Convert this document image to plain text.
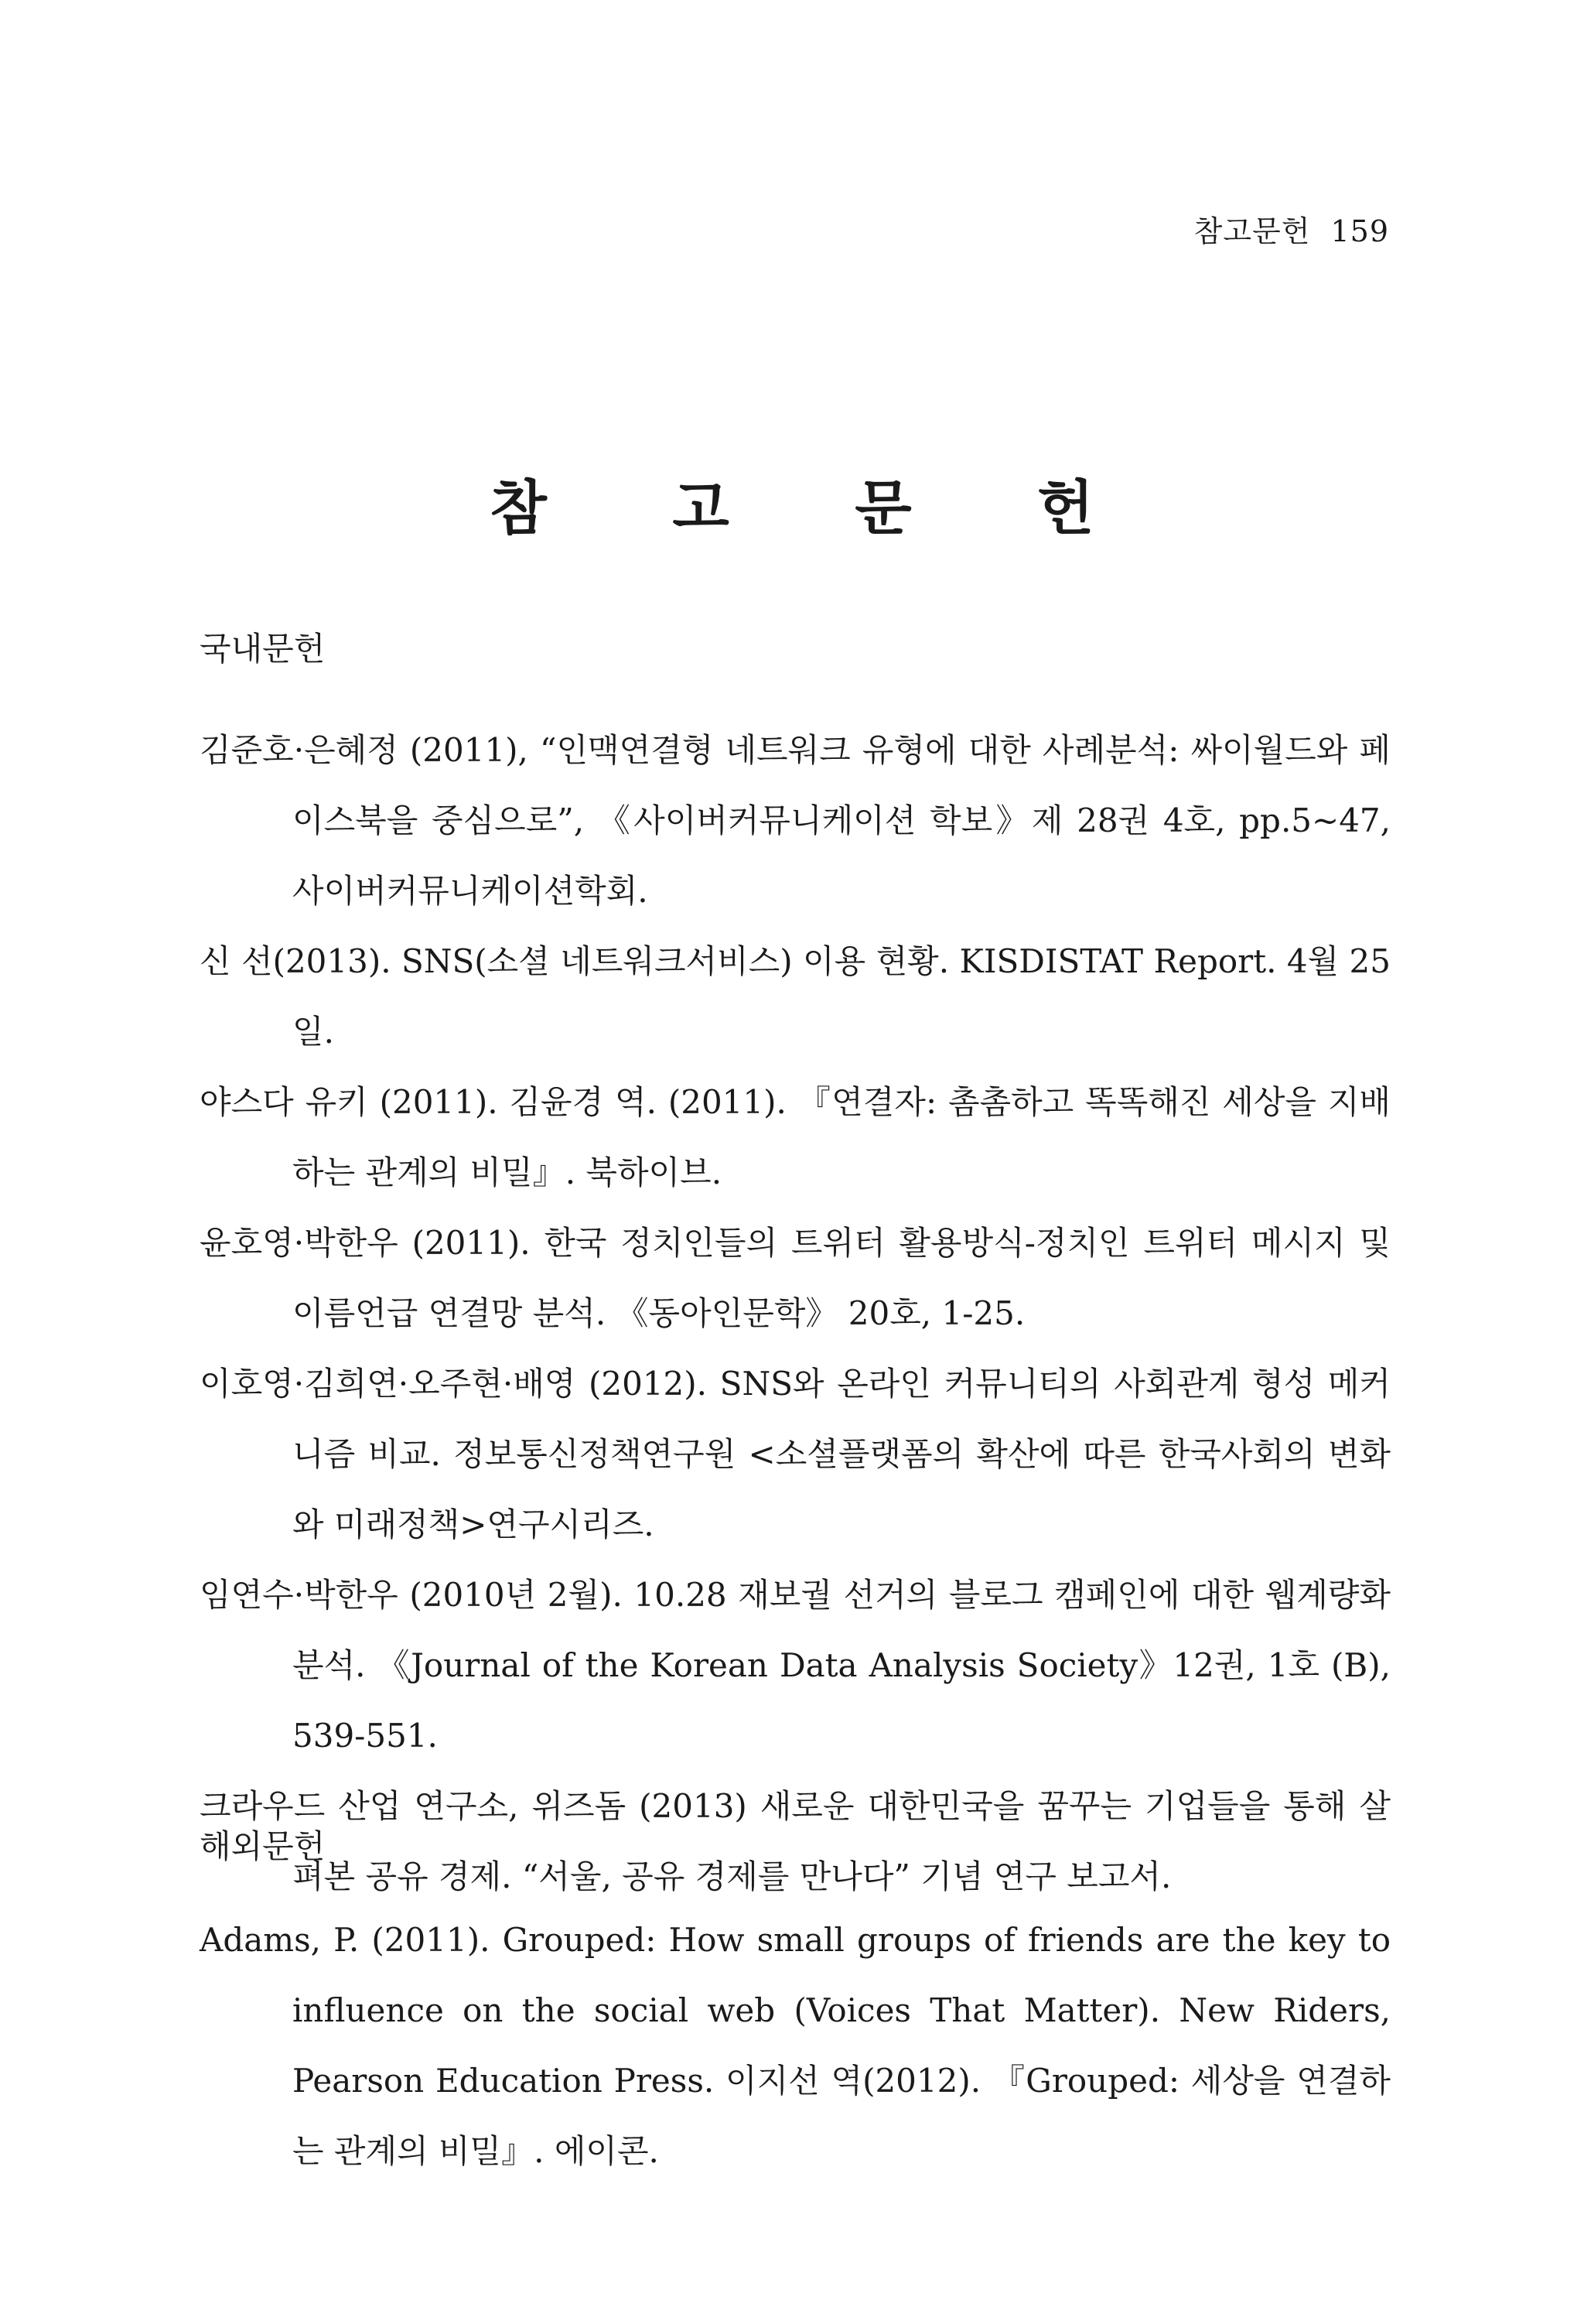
참고문헌 159
참 고 문 헌
국내문헌
김준호·은혜정 (2011), “인맥연결형 네트워크 유형에 대한 사례분석: 싸이월드와 페이스북을 중심으로”, 《사이버커뮤니케이션 학보》제 28권 4호, pp.5~47, 사이버커뮤니케이션학회.
신 선(2013). SNS(소셜 네트워크서비스) 이용 현황. KISDISTAT Report. 4월 25일.
야스다 유키 (2011). 김윤경 역. (2011). 『연결자: 촘촘하고 똑똑해진 세상을 지배하는 관계의 비밀』. 북하이브.
윤호영·박한우 (2011). 한국 정치인들의 트위터 활용방식-정치인 트위터 메시지 및 이름언급 연결망 분석. 《동아인문학》 20호, 1-25.
이호영·김희연·오주현·배영 (2012). SNS와 온라인 커뮤니티의 사회관계 형성 메커니즘 비교. 정보통신정책연구원 <소셜플랫폼의 확산에 따른 한국사회의 변화와 미래정책>연구시리즈.
임연수·박한우 (2010년 2월). 10.28 재보궐 선거의 블로그 캠페인에 대한 웹계량화 분석. 《Journal of the Korean Data Analysis Society》12권, 1호 (B), 539-551.
크라우드 산업 연구소, 위즈돔 (2013) 새로운 대한민국을 꿈꾸는 기업들을 통해 살펴본 공유 경제. “서울, 공유 경제를 만나다” 기념 연구 보고서.
해외문헌
Adams, P. (2011). Grouped: How small groups of friends are the key to influence on the social web (Voices That Matter). New Riders, Pearson Education Press. 이지선 역(2012). 『Grouped: 세상을 연결하는 관계의 비밀』. 에이콘.
